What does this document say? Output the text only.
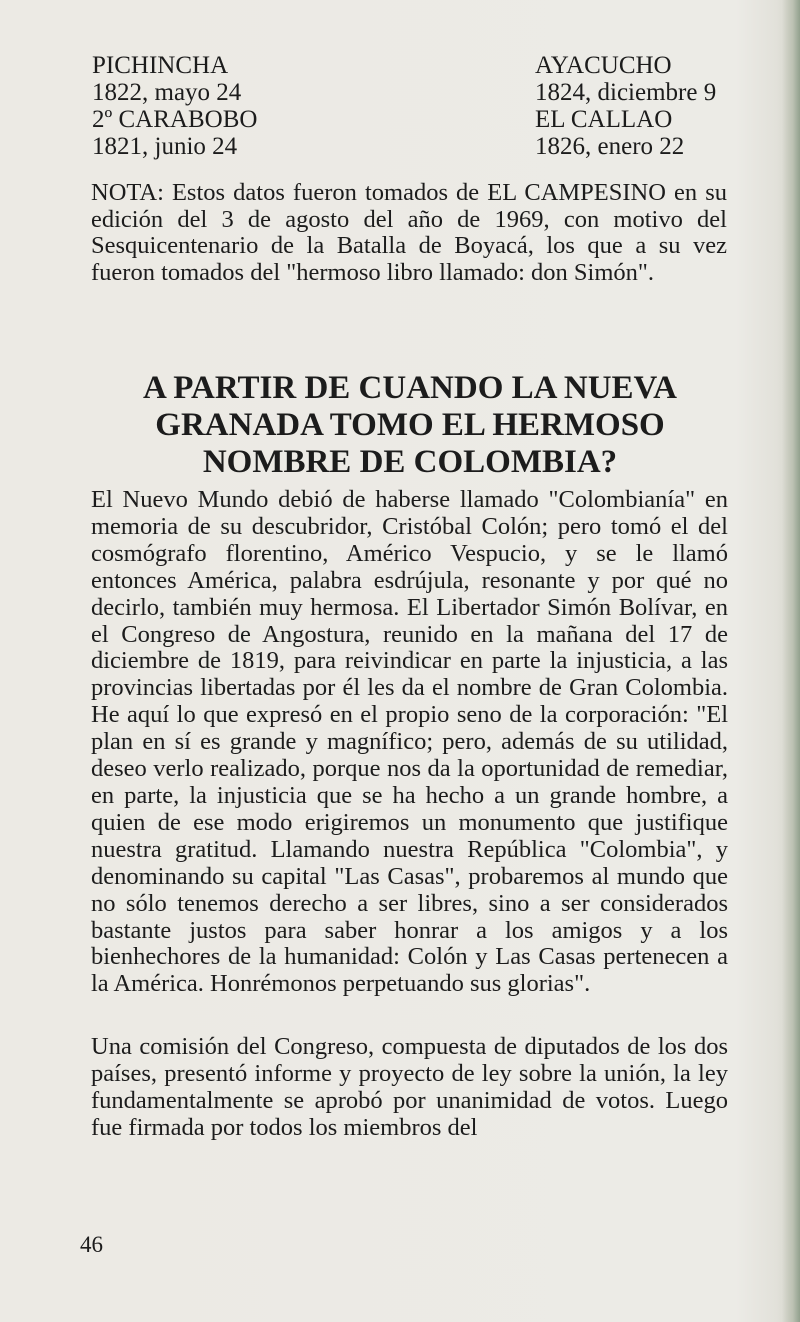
PICHINCHA
1822, mayo 24
2º CARABOBO
1821, junio 24
AYACUCHO
1824, diciembre 9
EL CALLAO
1826, enero 22
NOTA: Estos datos fueron tomados de EL CAMPESINO en su edición del 3 de agosto del año de 1969, con motivo del Sesquicentenario de la Batalla de Boyacá, los que a su vez fueron tomados del "hermoso libro llamado: don Simón".
A PARTIR DE CUANDO LA NUEVA
GRANADA TOMO EL HERMOSO
NOMBRE DE COLOMBIA?

El Nuevo Mundo debió de haberse llamado "Colombianía" en memoria de su descubridor, Cristóbal Colón; pero tomó el del cosmógrafo florentino, Américo Vespucio, y se le llamó entonces América, palabra esdrújula, resonante y por qué no decirlo, también muy hermosa. El Libertador Simón Bolívar, en el Congreso de Angostura, reunido en la mañana del 17 de diciembre de 1819, para reivindicar en parte la injusticia, a las provincias libertadas por él les da el nombre de Gran Colombia. He aquí lo que expresó en el propio seno de la corporación: "El plan en sí es grande y magnífico; pero, además de su utilidad, deseo verlo realizado, porque nos da la oportunidad de remediar, en parte, la injusticia que se ha hecho a un grande hombre, a quien de ese modo erigiremos un monumento que justifique nuestra gratitud. Llamando nuestra República "Colombia", y denominando su capital "Las Casas", probaremos al mundo que no sólo tenemos derecho a ser libres, sino a ser considerados bastante justos para saber honrar a los amigos y a los bienhechores de la humanidad: Colón y Las Casas pertenecen a la América. Honrémonos perpetuando sus glorias".

Una comisión del Congreso, compuesta de diputados de los dos países, presentó informe y proyecto de ley sobre la unión, la ley fundamentalmente se aprobó por unanimidad de votos. Luego fue firmada por todos los miembros del

46
